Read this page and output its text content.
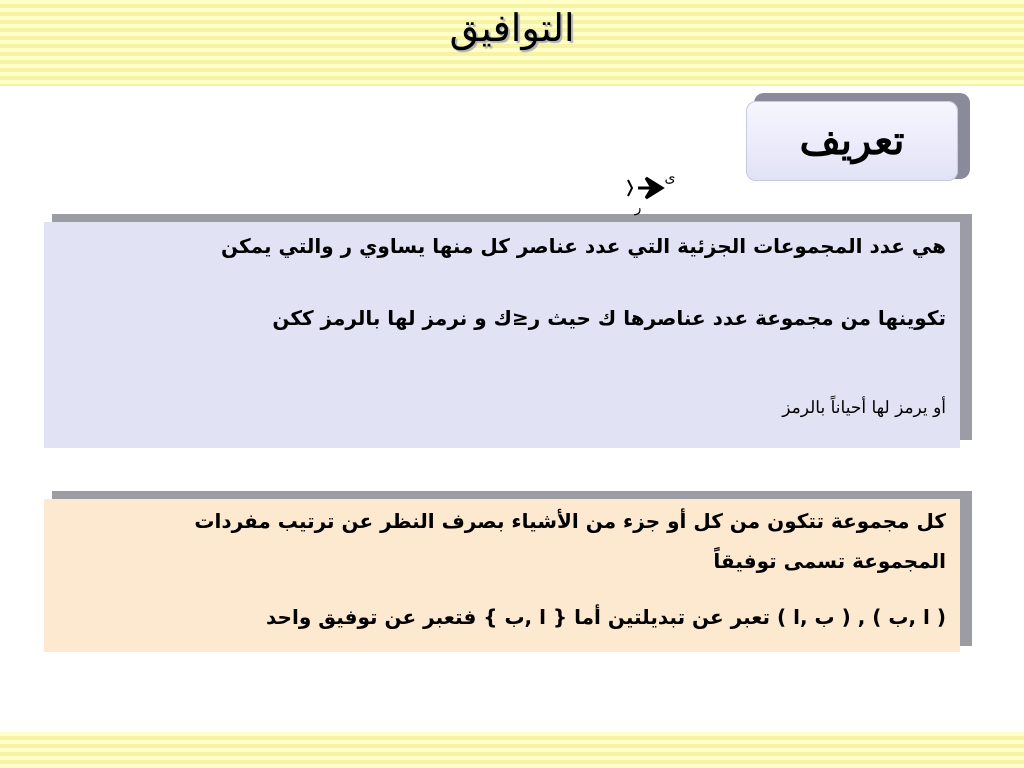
التوافيق
تعريف
هي عدد المجموعات الجزئية التي عدد عناصر كل منها يساوي ر والتي يمكن
تكوينها من مجموعة عدد عناصرها ك حيث ر≤ك و نرمز لها بالرمز ككن
أو يرمز لها أحياناً بالرمز
ى
ر
كل مجموعة تتكون من كل أو جزء من الأشياء بصرف النظر عن ترتيب مفردات
المجموعة تسمى توفيقاً
( ا ,ب ) , ( ب ,ا ) تعبر عن تبديلتين أما { ا ,ب } فتعبر عن توفيق واحد
